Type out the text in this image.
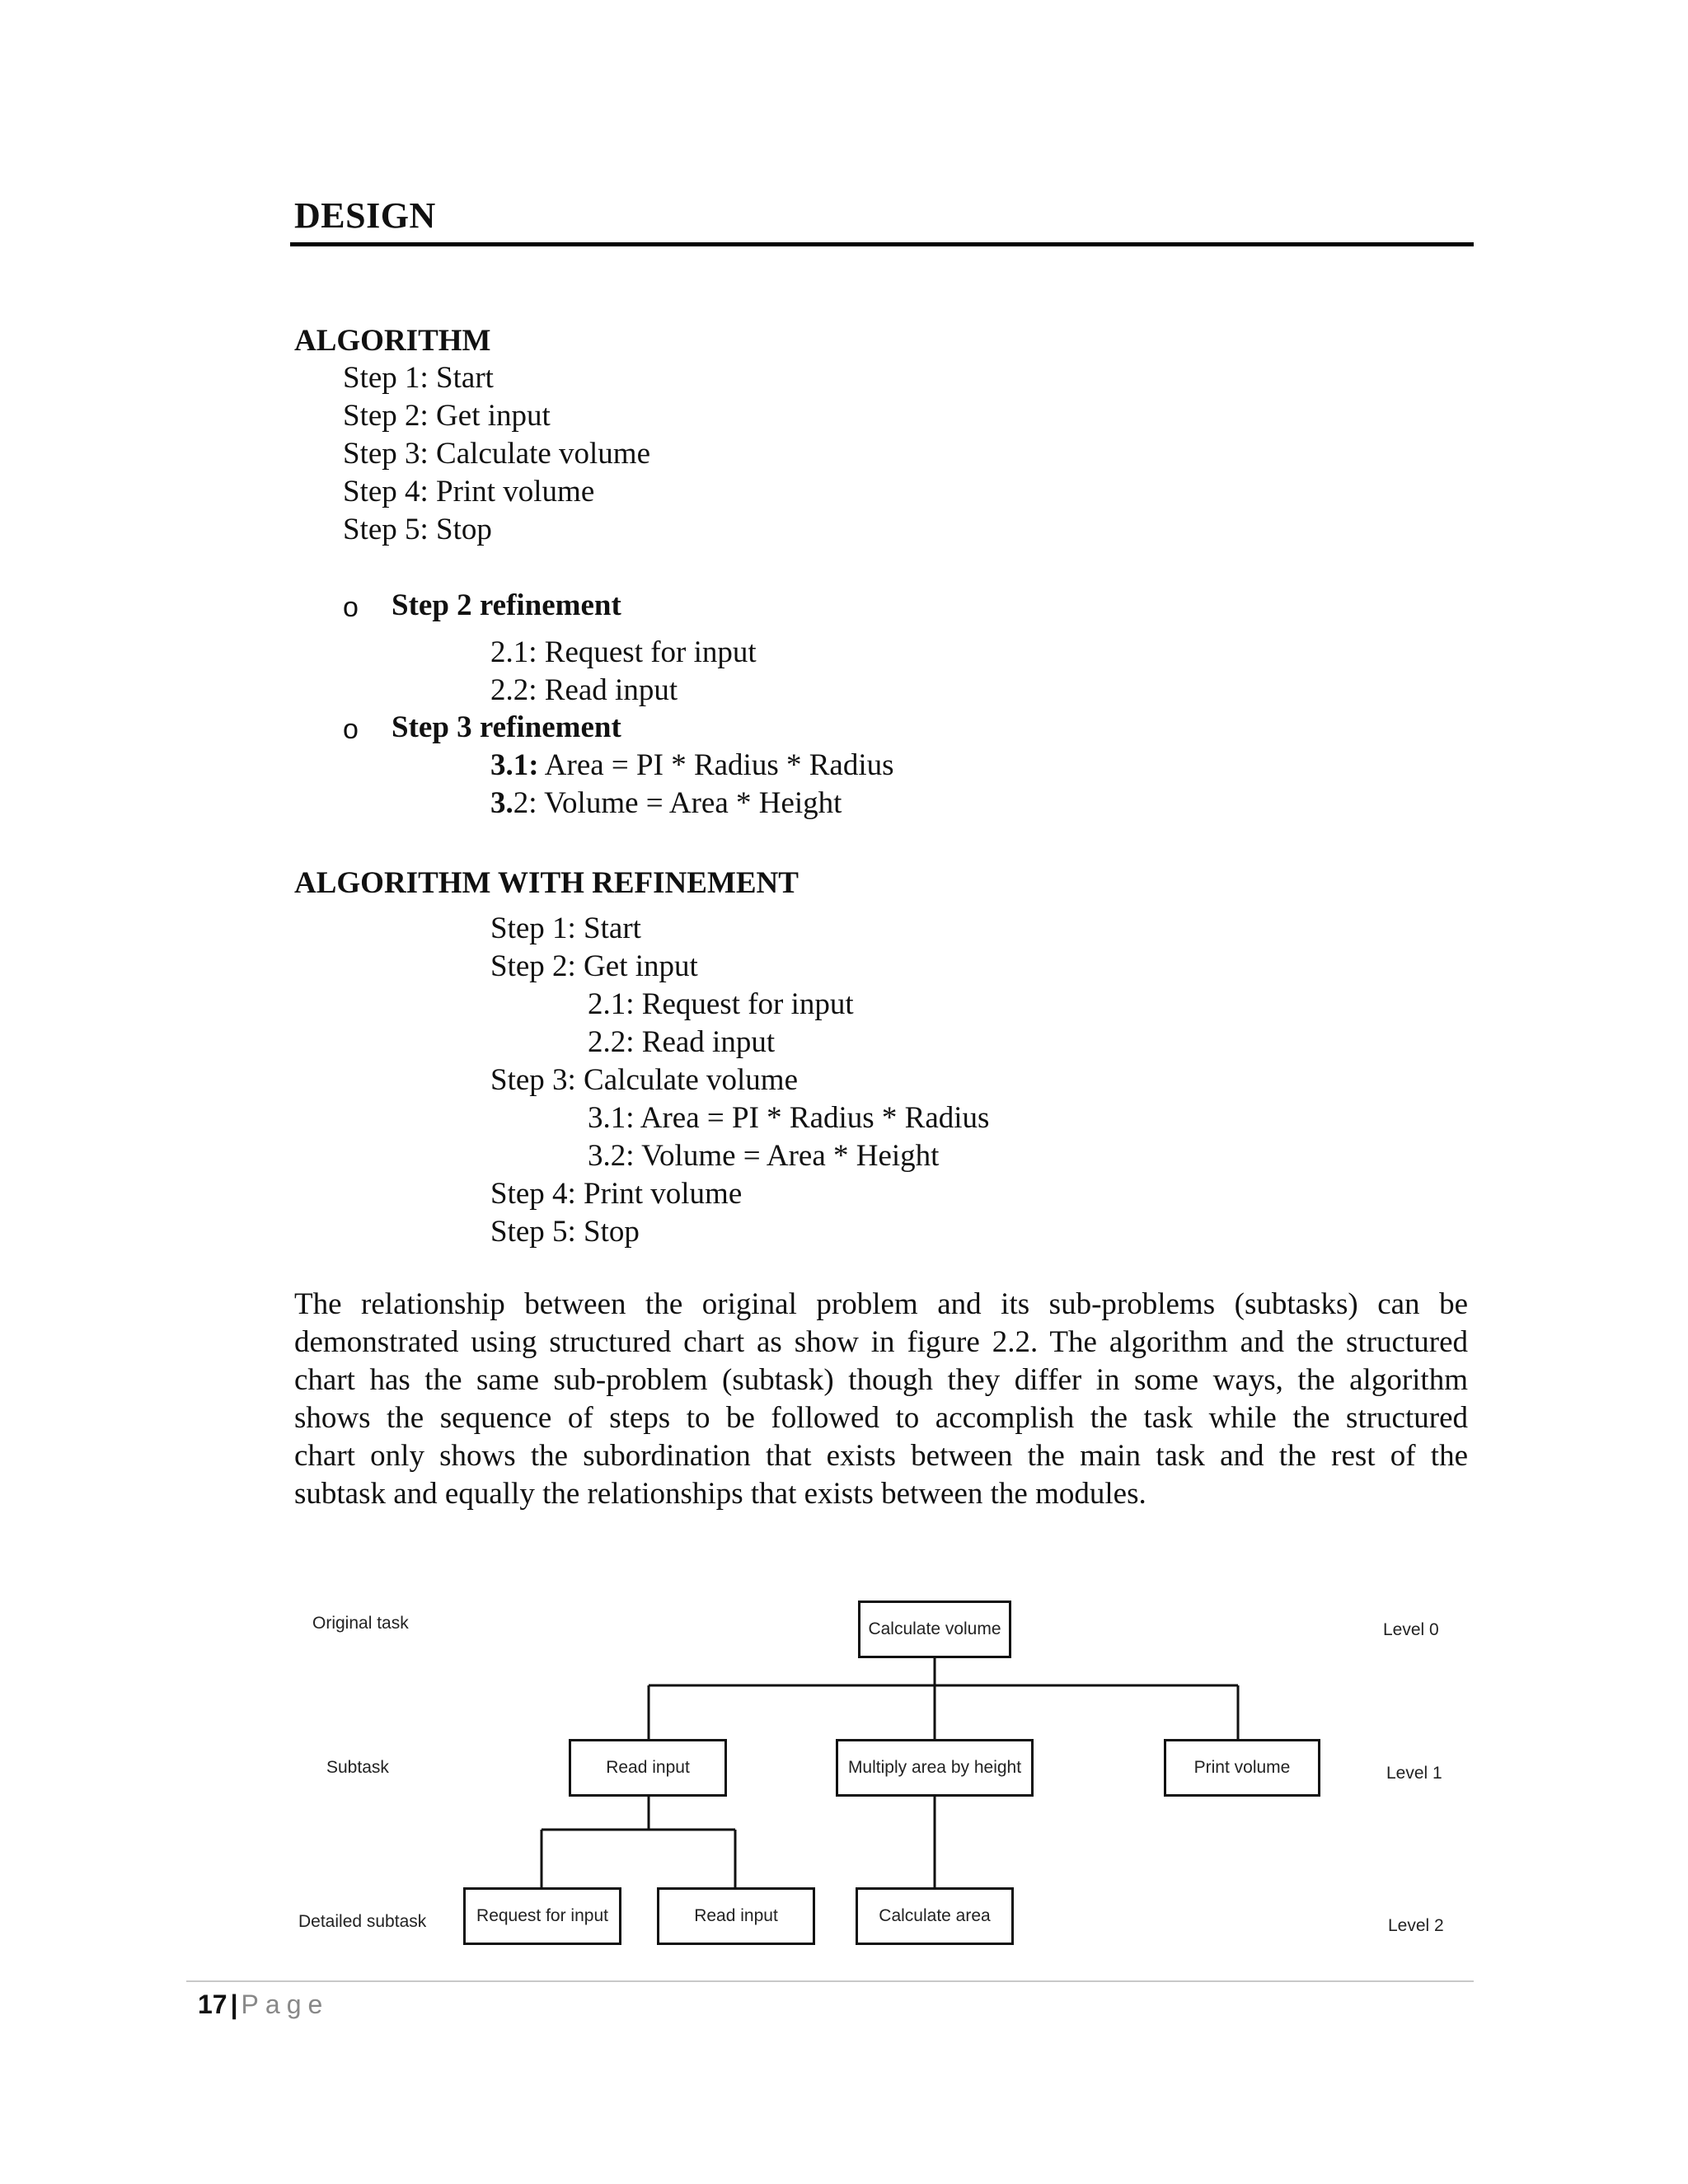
DESIGN
ALGORITHM
Step 1: Start
Step 2: Get input
Step 3: Calculate volume
Step 4: Print volume
Step 5: Stop
o Step 2 refinement
2.1: Request for input
2.2: Read input
o Step 3 refinement
3.1: Area = PI * Radius * Radius
3.2: Volume = Area * Height
ALGORITHM WITH REFINEMENT
Step 1: Start
Step 2: Get input
2.1: Request for input
2.2: Read input
Step 3: Calculate volume
3.1: Area = PI * Radius * Radius
3.2: Volume = Area * Height
Step 4: Print volume
Step 5: Stop
The relationship between the original problem and its sub-problems (subtasks) can be
demonstrated using structured chart as show in figure 2.2. The algorithm and the structured
chart has the same sub-problem (subtask) though they differ in some ways, the algorithm
shows the sequence of steps to be followed to accomplish the task while the structured
chart only shows the subordination that exists between the main task and the rest of the
subtask and equally the relationships that exists between the modules.
Original task
Subtask
Detailed subtask
Level 0
Level 1
Level 2
Calculate volume
Read input	Multiply area by height	Print volume
Request for input	Read input	Calculate area
17 | Page
